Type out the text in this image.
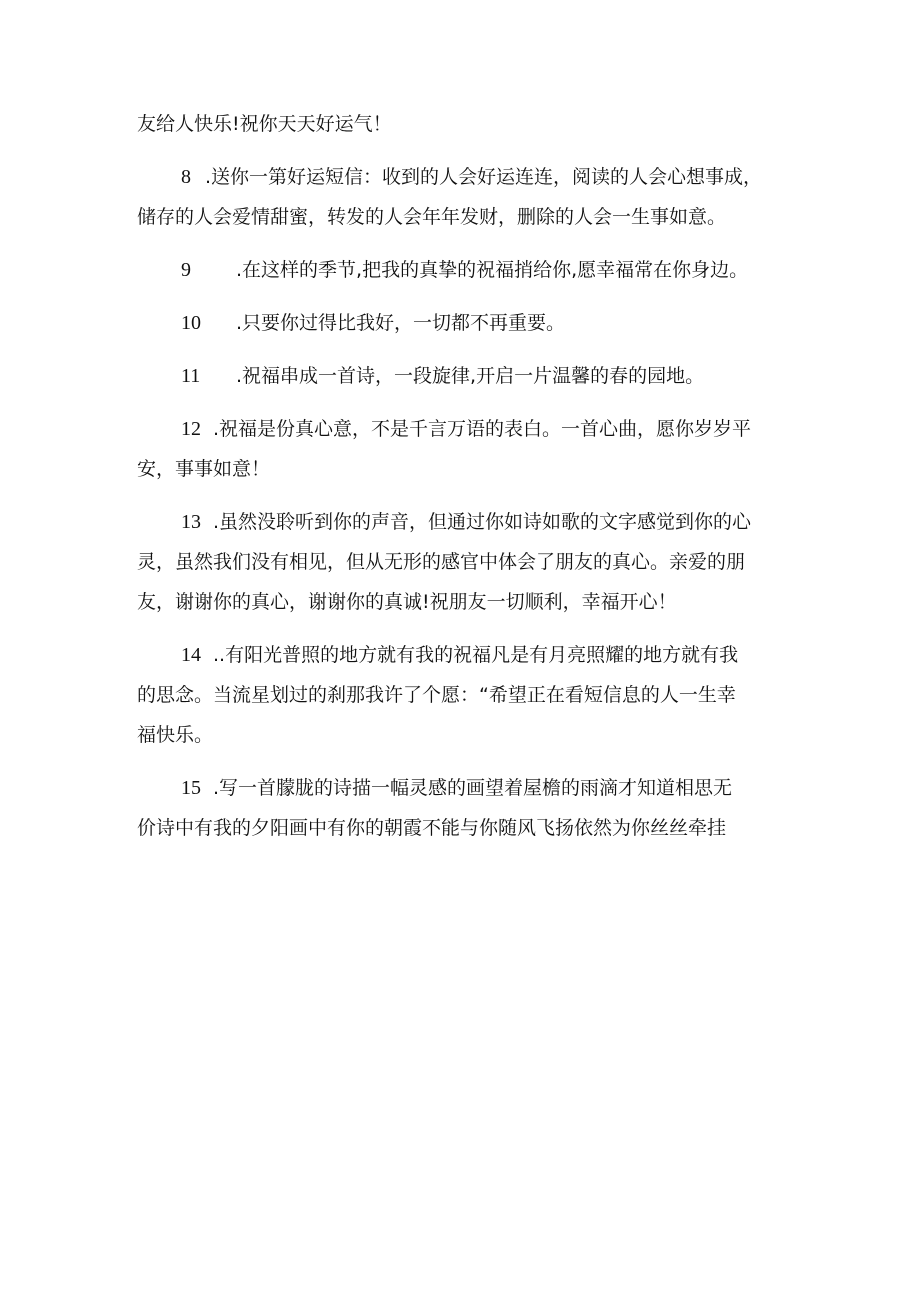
友给人快乐!祝你天天好运气！
8 .送你一第好运短信：收到的人会好运连连，阅读的人会心想事成，
储存的人会爱情甜蜜，转发的人会年年发财，删除的人会一生事如意。
9 .在这样的季节,把我的真挚的祝福捎给你,愿幸福常在你身边。
10 .只要你过得比我好，一切都不再重要。
11 .祝福串成一首诗，一段旋律,开启一片温馨的春的园地。
12 .祝福是份真心意，不是千言万语的表白。一首心曲，愿你岁岁平
安，事事如意！
13 .虽然没聆听到你的声音，但通过你如诗如歌的文字感觉到你的心
灵，虽然我们没有相见，但从无形的感官中体会了朋友的真心。亲爱的朋
友，谢谢你的真心，谢谢你的真诚!祝朋友一切顺利，幸福开心！
14 ..有阳光普照的地方就有我的祝福凡是有月亮照耀的地方就有我
的思念。当流星划过的刹那我许了个愿：“希望正在看短信息的人一生幸
福快乐。
15 .写一首朦胧的诗描一幅灵感的画望着屋檐的雨滴才知道相思无
价诗中有我的夕阳画中有你的朝霞不能与你随风飞扬依然为你丝丝牵挂
